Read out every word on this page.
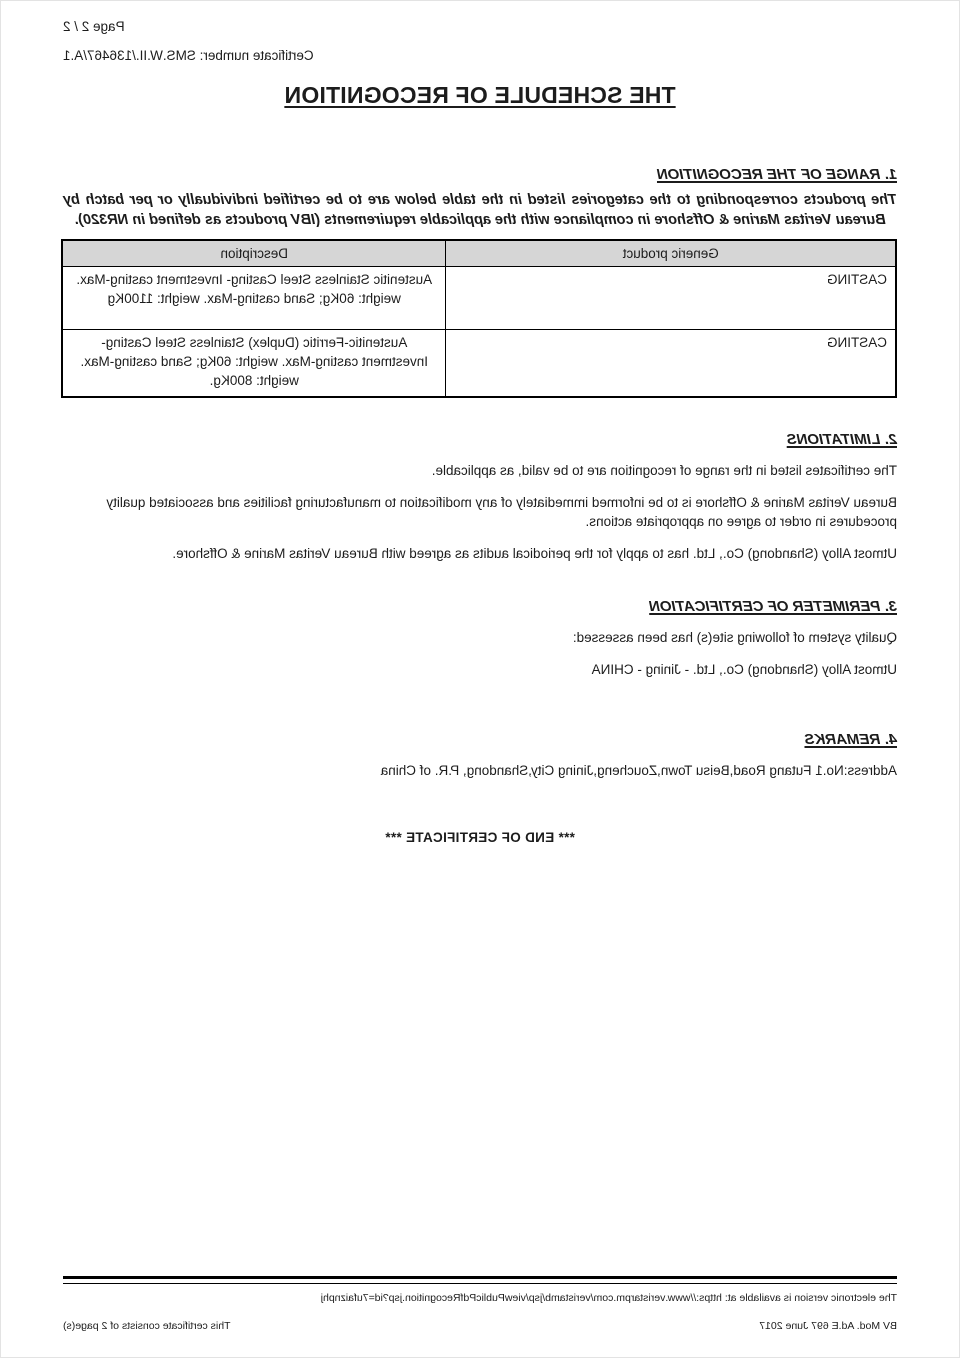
Page 2 / 2
Certificate number: SMS.W.II./136467/A.1
THE SCHEDULE OF RECOGNITION
1. RANGE OF THE RECOGNITION
The products corresponding to the categories listed in the table below are to be certified individually or per batch by Bureau Veritas Marine & Offshore in compliance with the applicable requirements (IBV products as defined in NR320).
Generic product	Description
CASTING	Austenitic Stainless Steel Casting- Investment casting-Max. weight: 60Kg; Sand casting-Max. weight: 1100Kg
CASTING	Austenitic-Ferritic (Duplex) Stainless Steel Casting- Investment casting-Max. weight: 60Kg; Sand casting-Max. weight: 800Kg.
2. LIMITATIONS
The certificates listed in the range of recognition are to be valid, as applicable.
Bureau Veritas Marine & Offshore is to be informed immediately of any modification to manufacturing facilities and associated quality procedures in order to agree on appropriate actions.
Utmost Alloy (Shandong) Co., Ltd. has to apply for the periodical audits as agreed with Bureau Veritas Marine & Offshore.
3. PERIMETER OF CERTIFICATION
Quality system of following site(s) has been assessed:
Utmost Alloy (Shandong) Co., Ltd. - Jining - CHINA
4. REMARKS
Address:No.1 Futang Road,Beisu Town,Zoucheng,Jining City,Shandong, P.R. of China
*** END OF CERTIFICATE ***
The electronic version is available at: https://www.veristarpm.com/veristamb/jsp/viewPublicPdfRecognition.jsp?id=7ufaiznphj
BV Mod. Ad.E 697 June 2017
This certificate consists of 2 page(s)
